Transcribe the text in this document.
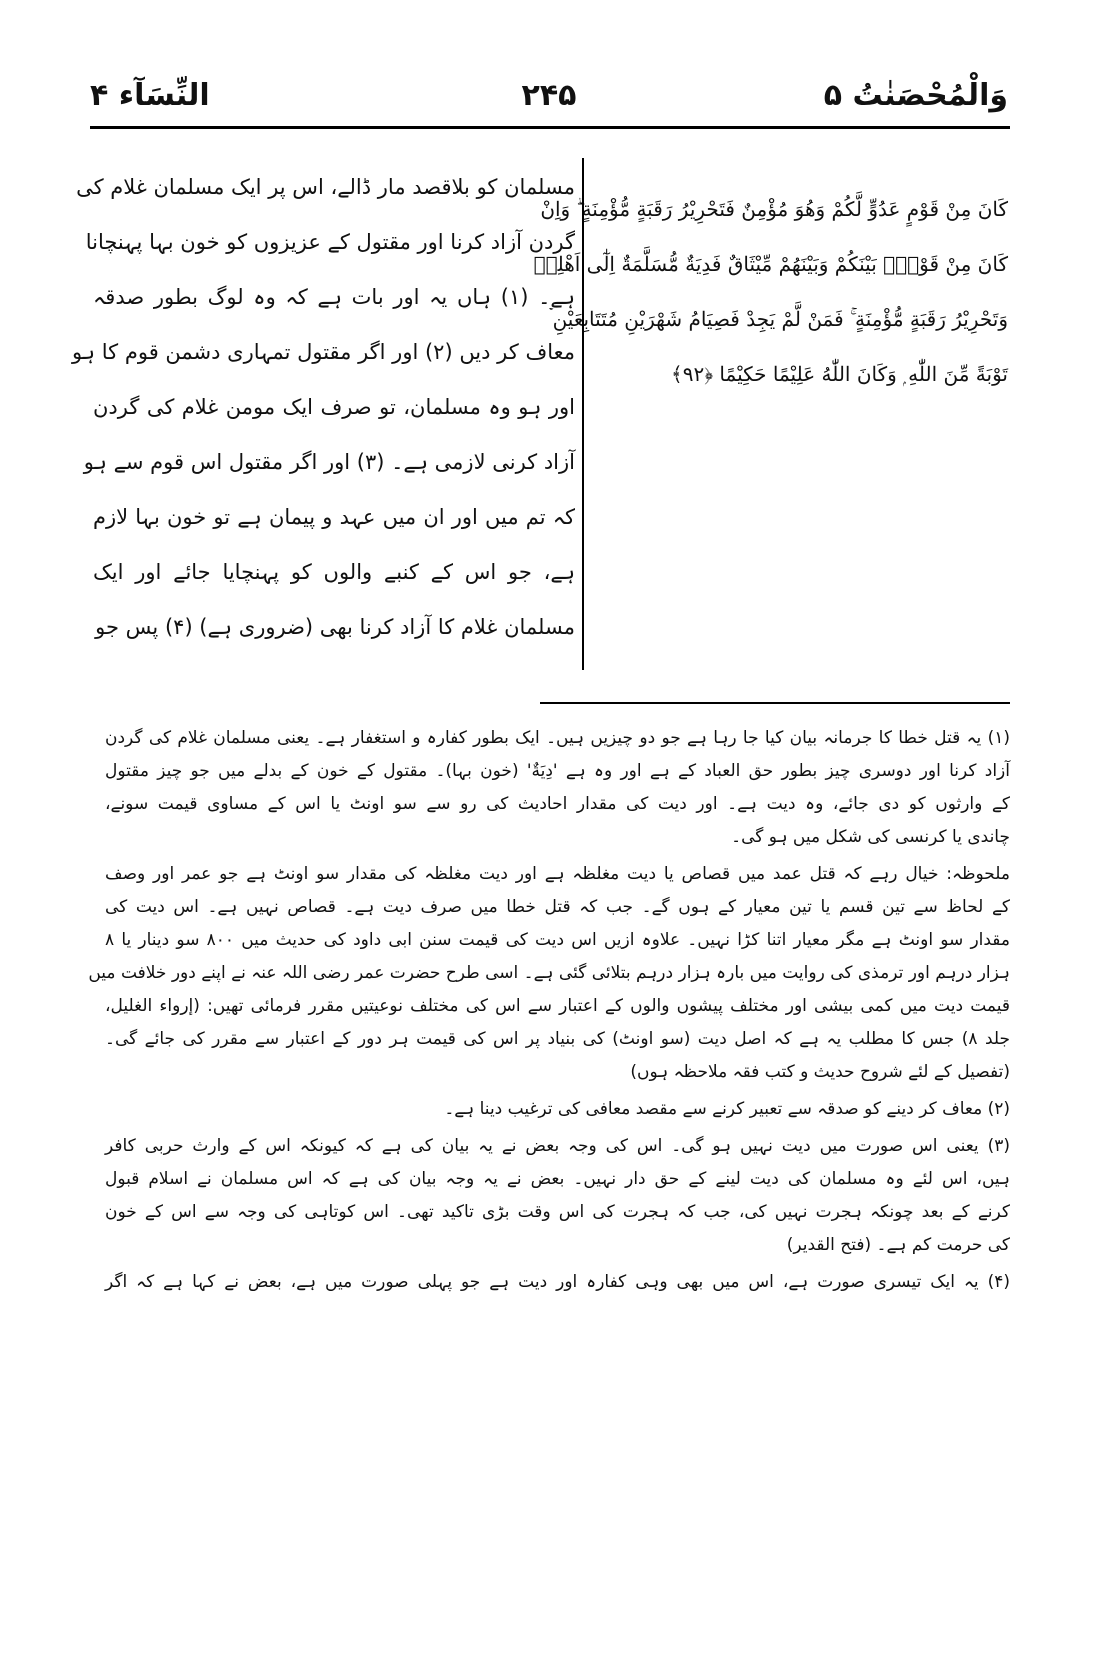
وَالْمُحْصَنٰتُ ۵
۲۴۵
النِّسَآء ۴
كَانَ مِنْ قَوْمٍ عَدُوٍّ لَّكُمْ وَهُوَ مُؤْمِنٌ فَتَحْرِيْرُ رَقَبَةٍ مُّؤْمِنَةٍ ۗ وَاِنْ
كَانَ مِنْ قَوْمٍۢ بَيْنَكُمْ وَبَيْنَهُمْ مِّيْثَاقٌ فَدِيَةٌ مُّسَلَّمَةٌ اِلٰٓى اَهْلِهٖ
وَتَحْرِيْرُ رَقَبَةٍ مُّؤْمِنَةٍ ۚ فَمَنْ لَّمْ يَجِدْ فَصِيَامُ شَهْرَيْنِ مُتَتَابِعَيْنِ ۡ
تَوْبَةً مِّنَ اللّٰهِ ۭ وَكَانَ اللّٰهُ عَلِيْمًا حَكِيْمًا ﴿۹۲﴾
مسلمان کو بلاقصد مار ڈالے، اس پر ایک مسلمان غلام کی
گردن آزاد کرنا اور مقتول کے عزیزوں کو خون بہا پہنچانا
ہے۔ (۱) ہاں یہ اور بات ہے کہ وہ لوگ بطور صدقہ
معاف کر دیں (۲) اور اگر مقتول تمہاری دشمن قوم کا ہو
اور ہو وہ مسلمان، تو صرف ایک مومن غلام کی گردن
آزاد کرنی لازمی ہے۔ (۳) اور اگر مقتول اس قوم سے ہو
کہ تم میں اور ان میں عہد و پیمان ہے تو خون بہا لازم
ہے، جو اس کے کنبے والوں کو پہنچایا جائے اور ایک
مسلمان غلام کا آزاد کرنا بھی (ضروری ہے) (۴) پس جو
(۱) یہ قتل خطا کا جرمانہ بیان کیا جا رہا ہے جو دو چیزیں ہیں۔ ایک بطور کفارہ و استغفار ہے۔ یعنی مسلمان غلام کی گردن
آزاد کرنا اور دوسری چیز بطور حق العباد کے ہے اور وہ ہے 'دِيَةٌ' (خون بہا)۔ مقتول کے خون کے بدلے میں جو چیز مقتول
کے وارثوں کو دی جائے، وہ دیت ہے۔ اور دیت کی مقدار احادیث کی رو سے سو اونٹ یا اس کے مساوی قیمت سونے،
چاندی یا کرنسی کی شکل میں ہو گی۔
ملحوظہ: خیال رہے کہ قتل عمد میں قصاص یا دیت مغلظہ ہے اور دیت مغلظہ کی مقدار سو اونٹ ہے جو عمر اور وصف
کے لحاظ سے تین قسم یا تین معیار کے ہوں گے۔ جب کہ قتل خطا میں صرف دیت ہے۔ قصاص نہیں ہے۔ اس دیت کی
مقدار سو اونٹ ہے مگر معیار اتنا کڑا نہیں۔ علاوہ ازیں اس دیت کی قیمت سنن ابی داود کی حدیث میں ۸۰۰ سو دینار یا ۸
ہزار درہم اور ترمذی کی روایت میں بارہ ہزار درہم بتلائی گئی ہے۔ اسی طرح حضرت عمر رضی اللہ عنہ نے اپنے دور خلافت میں
قیمت دیت میں کمی بیشی اور مختلف پیشوں والوں کے اعتبار سے اس کی مختلف نوعیتیں مقرر فرمائی تھیں: (إرواء الغليل،
جلد ۸) جس کا مطلب یہ ہے کہ اصل دیت (سو اونٹ) کی بنیاد پر اس کی قیمت ہر دور کے اعتبار سے مقرر کی جائے گی۔
(تفصیل کے لئے شروح حدیث و کتب فقہ ملاحظہ ہوں)
(۲) معاف کر دینے کو صدقہ سے تعبیر کرنے سے مقصد معافی کی ترغیب دینا ہے۔
(۳) یعنی اس صورت میں دیت نہیں ہو گی۔ اس کی وجہ بعض نے یہ بیان کی ہے کہ کیونکہ اس کے وارث حربی کافر
ہیں، اس لئے وہ مسلمان کی دیت لینے کے حق دار نہیں۔ بعض نے یہ وجہ بیان کی ہے کہ اس مسلمان نے اسلام قبول
کرنے کے بعد چونکہ ہجرت نہیں کی، جب کہ ہجرت کی اس وقت بڑی تاکید تھی۔ اس کوتاہی کی وجہ سے اس کے خون
کی حرمت کم ہے۔ (فتح القدیر)
(۴) یہ ایک تیسری صورت ہے، اس میں بھی وہی کفارہ اور دیت ہے جو پہلی صورت میں ہے، بعض نے کہا ہے کہ اگر
